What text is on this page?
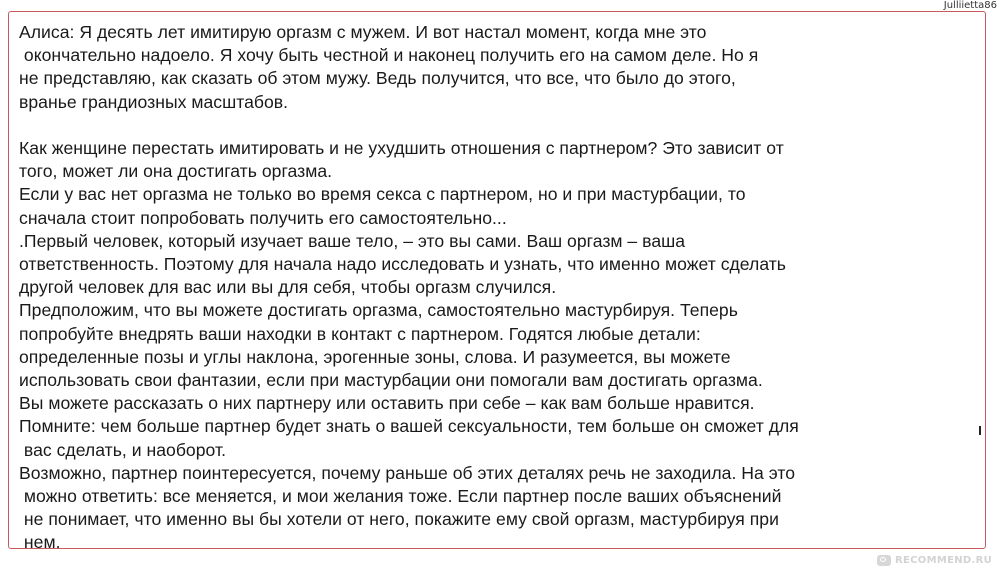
Julliietta86
Алиса: Я десять лет имитирую оргазм с мужем. И вот настал момент, когда мне это
окончательно надоело. Я хочу быть честной и наконец получить его на самом деле. Но я
не представляю, как сказать об этом мужу. Ведь получится, что все, что было до этого,
вранье грандиозных масштабов.
Как женщине перестать имитировать и не ухудшить отношения с партнером? Это зависит от
того, может ли она достигать оргазма.
Если у вас нет оргазма не только во время секса с партнером, но и при мастурбации, то
сначала стоит попробовать получить его самостоятельно...
.Первый человек, который изучает ваше тело, – это вы сами. Ваш оргазм – ваша
ответственность. Поэтому для начала надо исследовать и узнать, что именно может сделать
другой человек для вас или вы для себя, чтобы оргазм случился.
Предположим, что вы можете достигать оргазма, самостоятельно мастурбируя. Теперь
попробуйте внедрять ваши находки в контакт с партнером. Годятся любые детали:
определенные позы и углы наклона, эрогенные зоны, слова. И разумеется, вы можете
использовать свои фантазии, если при мастурбации они помогали вам достигать оргазма.
Вы можете рассказать о них партнеру или оставить при себе – как вам больше нравится.
Помните: чем больше партнер будет знать о вашей сексуальности, тем больше он сможет для
вас сделать, и наоборот.
Возможно, партнер поинтересуется, почему раньше об этих деталях речь не заходила. На это
можно ответить: все меняется, и мои желания тоже. Если партнер после ваших объяснений
не понимает, что именно вы бы хотели от него, покажите ему свой оргазм, мастурбируя при
нем.
RECOMMEND.RU
